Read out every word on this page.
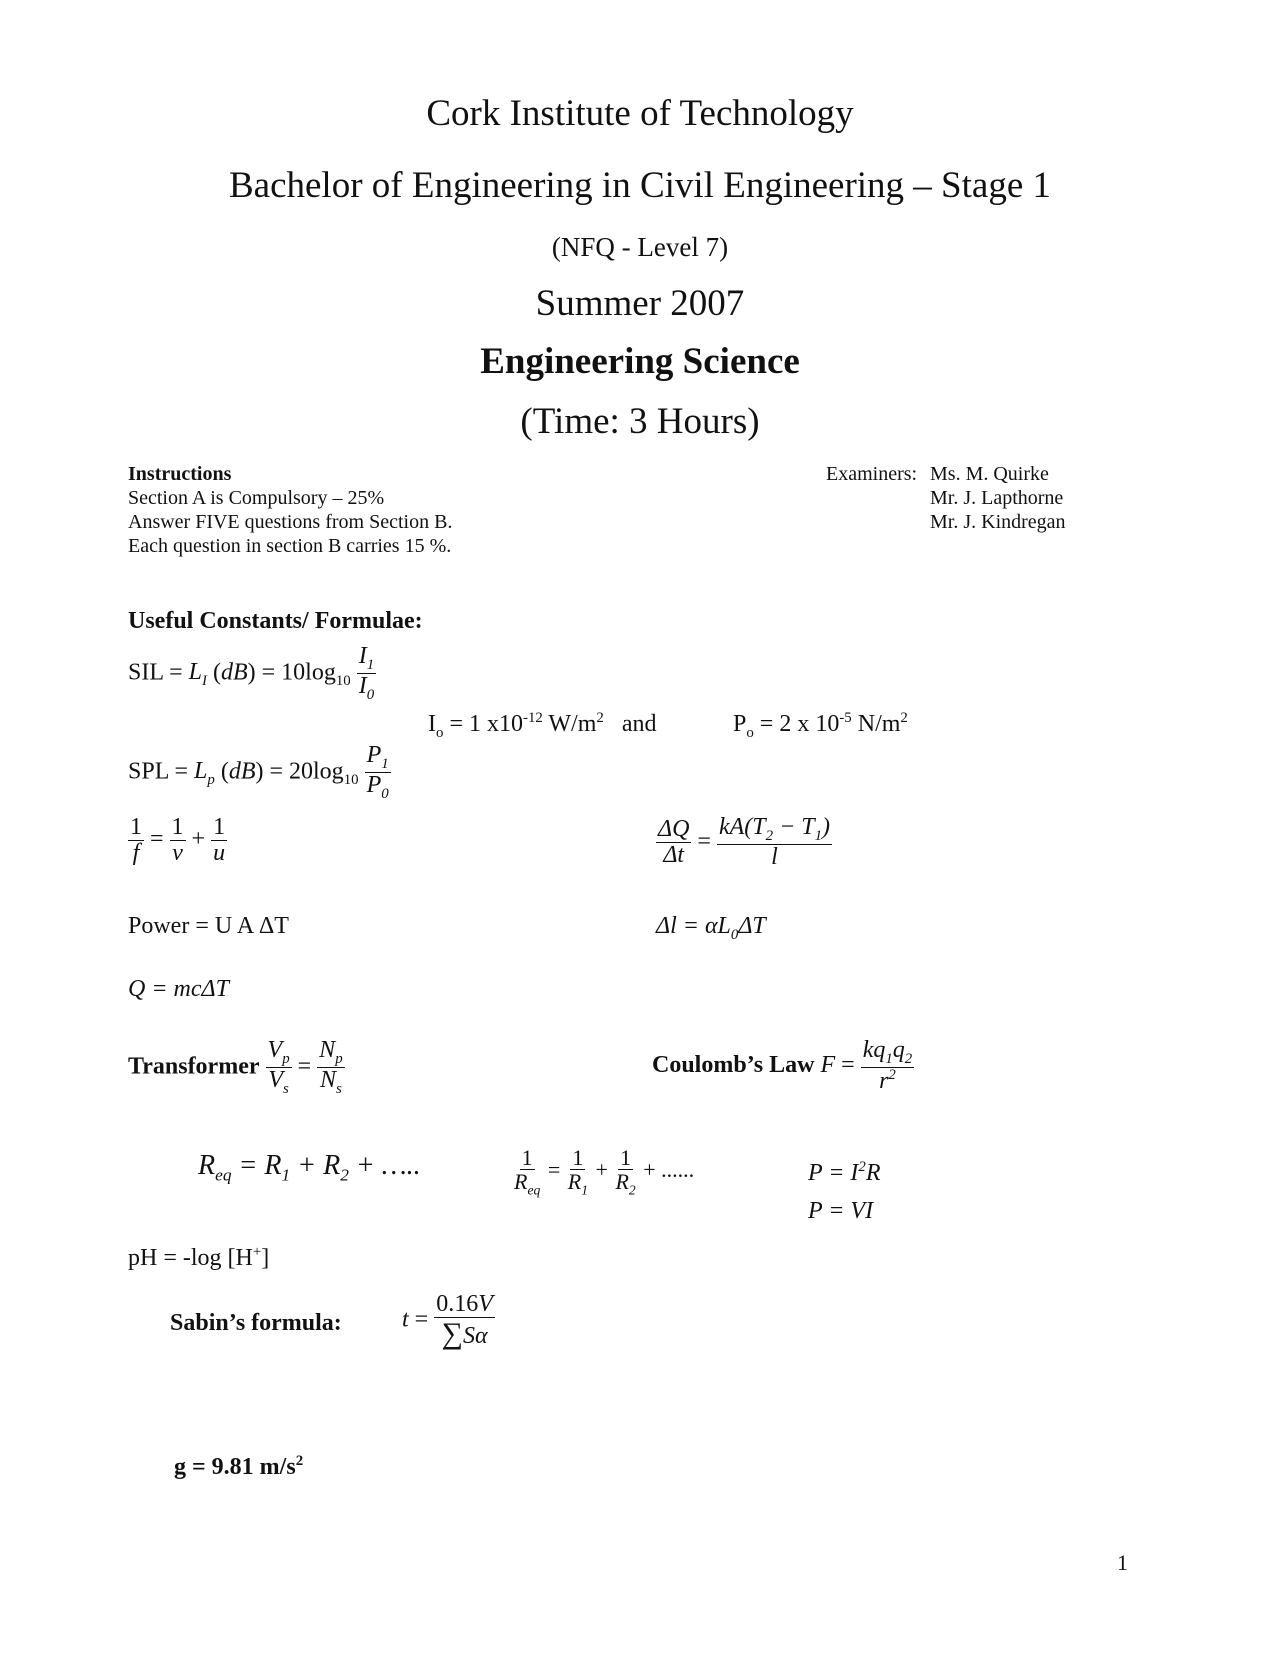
Cork Institute of Technology
Bachelor of Engineering in Civil Engineering – Stage 1
(NFQ - Level 7)
Summer 2007
Engineering Science
(Time: 3 Hours)
Instructions
Section A is Compulsory – 25%
Answer FIVE questions from Section B.
Each question in section B carries 15 %.
Examiners: Ms. M. Quirke
Mr. J. Lapthorne
Mr. J. Kindregan
Useful Constants/ Formulae:
SIL = $L_I$ $(dB) = 10\log_{10} \frac{I_1}{I_0}$
$I_o = 1$ $x10^{-12}$ $W/m^2$   and	$P_o = 2$ x $10^{-5}$ $N/m^2$
SPL = $L_p$ $(dB) = 20\log_{10} \frac{P_1}{P_0}$
$\frac{1}{f} = \frac{1}{v} + \frac{1}{u}$	$\frac{\Delta Q}{\Delta t} = \frac{kA(T_2 - T_1)}{l}$
Power = U A ΔT	$\Delta l = \alpha L_0\Delta T$
Q = mcΔT
Transformer $\frac{V_p}{V_s} = \frac{N_p}{N_s}$	Coulomb’s Law $F = \frac{kq_1q_2}{r^2}$
$R_{eq} = R_1 + R_2$ + …..	$\frac{1}{R_{eq}} = \frac{1}{R_1} + \frac{1}{R_2}$ + ......	$P = I^2R$
P = VI
pH = -log [H+]
Sabin’s formula:	$t = \frac{0.16V}{\sum S\alpha}$
g = 9.81 $m/s^2$
1
